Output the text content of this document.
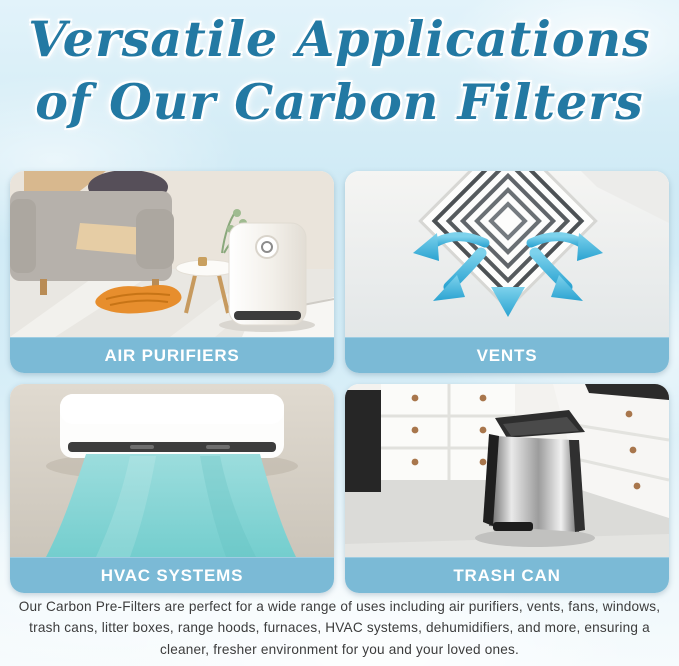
Versatile Applications
of Our Carbon Filters
AIR PURIFIERS	VENTS
HVAC SYSTEMS	TRASH CAN
Our Carbon Pre-Filters are perfect for a wide range of uses including air purifiers, vents, fans, windows, trash cans, litter boxes, range hoods, furnaces, HVAC systems, dehumidifiers, and more, ensuring a cleaner, fresher environment for you and your loved ones.
